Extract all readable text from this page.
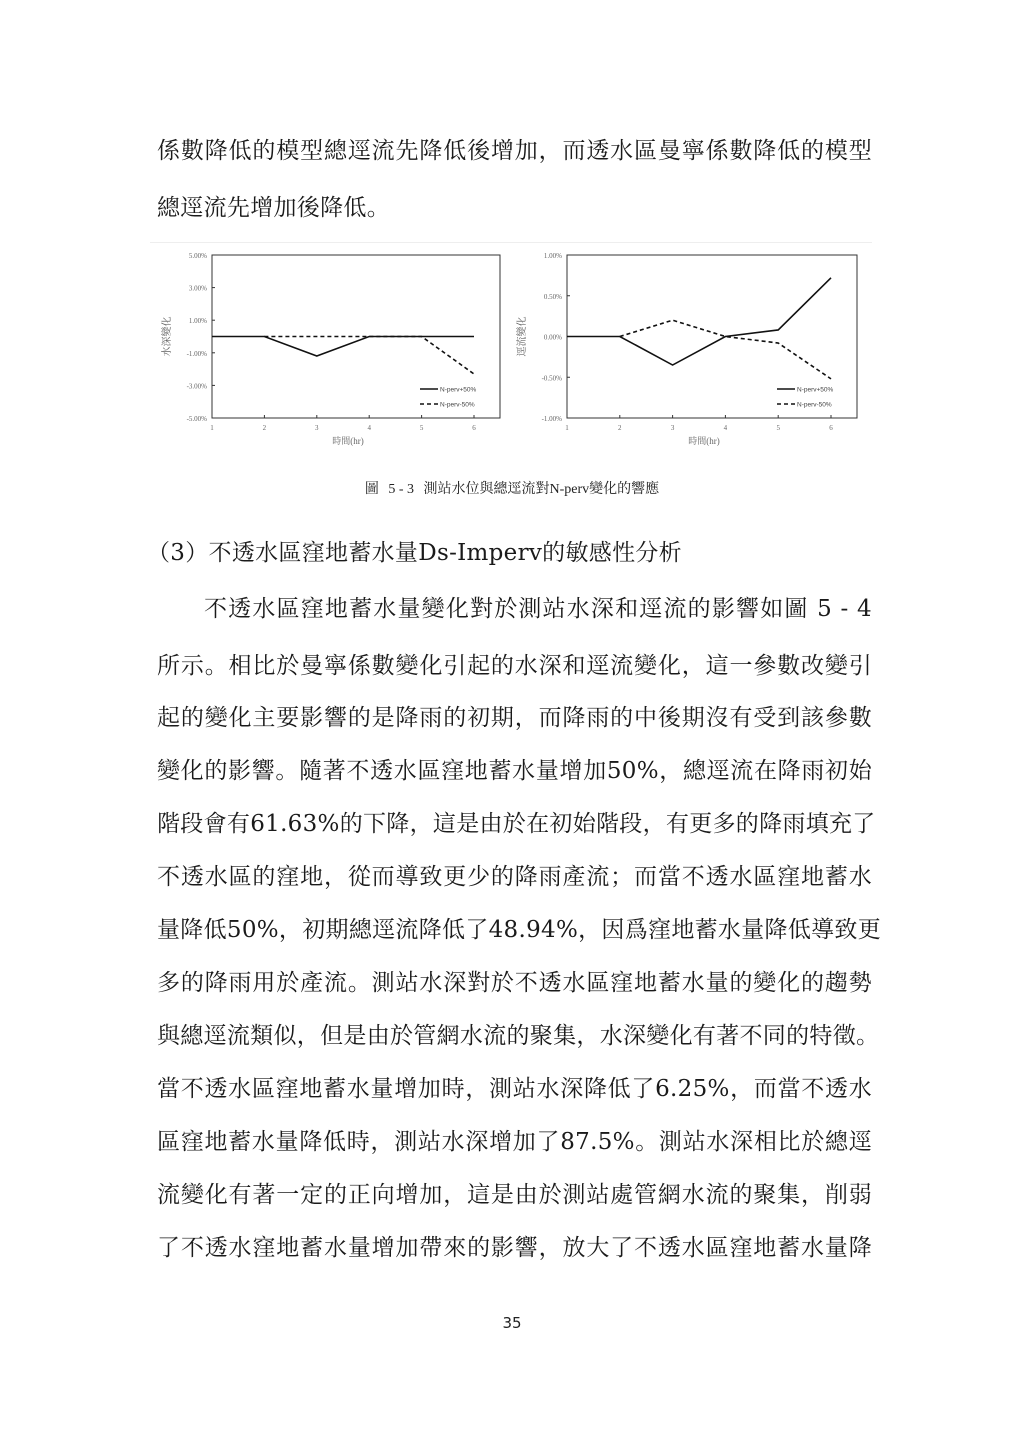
係數降低的模型總逕流先降低後增加，而透水區曼寧係數降低的模型
總逕流先增加後降低。
5.00%
3.00%
1.00%
-1.00%
-3.00%
-5.00%
1	2	3	4	5	6
時間(hr)
水深變化
N-perv+50%
N-perv-50%
1.00%
0.50%
0.00%
-0.50%
-1.00%
1	2	3	4	5	6
時間(hr)
逕流變化
N-perv+50%
N-perv-50%
圖 5 - 3 測站水位與總逕流對N-perv變化的響應
（3）不透水區窪地蓄水量Ds-Imperv的敏感性分析
不透水區窪地蓄水量變化對於測站水深和逕流的影響如圖 5 - 4
所示。相比於曼寧係數變化引起的水深和逕流變化，這一參數改變引
起的變化主要影響的是降雨的初期，而降雨的中後期沒有受到該參數
變化的影響。隨著不透水區窪地蓄水量增加50%，總逕流在降雨初始
階段會有61.63%的下降，這是由於在初始階段，有更多的降雨填充了
不透水區的窪地，從而導致更少的降雨產流；而當不透水區窪地蓄水
量降低50%，初期總逕流降低了48.94%，因爲窪地蓄水量降低導致更
多的降雨用於產流。測站水深對於不透水區窪地蓄水量的變化的趨勢
與總逕流類似，但是由於管網水流的聚集，水深變化有著不同的特徵。
當不透水區窪地蓄水量增加時，測站水深降低了6.25%，而當不透水
區窪地蓄水量降低時，測站水深增加了87.5%。測站水深相比於總逕
流變化有著一定的正向增加，這是由於測站處管網水流的聚集，削弱
了不透水窪地蓄水量增加帶來的影響，放大了不透水區窪地蓄水量降
35
